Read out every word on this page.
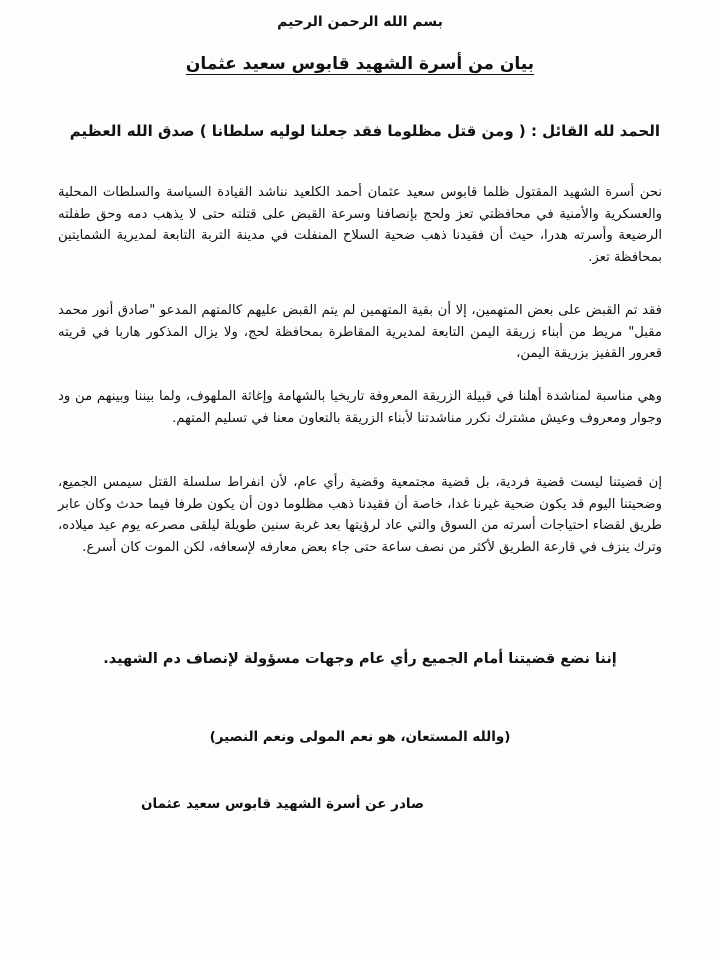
بسم الله الرحمن الرحيم
بيان من أسرة الشهيد قابوس سعيد عثمان
الحمد لله القائل : ( ومن قتل مظلوما فقد جعلنا لوليه سلطانا ) صدق الله العظيم
نحن أسرة الشهيد المقتول ظلما قابوس سعيد عثمان أحمد الكلعيد نناشد القيادة السياسة والسلطات المحلية والعسكرية والأمنية في محافظتي تعز ولحج بإنصافنا وسرعة القبض على قتلته حتى لا يذهب دمه وحق طفلته الرضيعة وأسرته هدرا، حيث أن فقيدنا ذهب ضحية السلاح المنفلت في مدينة التربة التابعة لمديرية الشمايتين بمحافظة تعز.
فقد تم القبض على بعض المتهمين، إلا أن بقية المتهمين لم يتم القبض عليهم كالمتهم المدعو "صادق أنور محمد مقبل" مريط من أبناء زريقة اليمن التابعة لمديرية المقاطرة بمحافظة لحج، ولا يزال المذكور هاربا في قريته قعرور القفيز بزريقة اليمن،
وهي مناسبة لمناشدة أهلنا في قبيلة الزريقة المعروفة تاريخيا بالشهامة وإغاثة الملهوف، ولما بيننا وبينهم من ود وجوار ومعروف وعيش مشترك نكرر مناشدتنا لأبناء الزريقة بالتعاون معنا في تسليم المتهم.
إن قضيتنا ليست قضية فردية، بل قضية مجتمعية وقضية رأي عام، لأن انفراط سلسلة القتل سيمس الجميع، وضحيتنا اليوم قد يكون ضحية غيرنا غدا، خاصة أن فقيدنا ذهب مظلوما دون أن يكون طرفا فيما حدث وكان عابر طريق لقضاء احتياجات أسرته من السوق والتي عاد لرؤيتها بعد غربة سنين طويلة ليلقى مصرعه يوم عيد ميلاده، وترك ينزف في قارعة الطريق لأكثر من نصف ساعة حتى جاء بعض معارفه لإسعافه، لكن الموت كان أسرع.
إننا نضع قضيتنا أمام الجميع رأي عام وجهات مسؤولة لإنصاف دم الشهيد.
(والله المستعان، هو نعم المولى ونعم النصير)
صادر عن أسرة الشهيد قابوس سعيد عثمان
